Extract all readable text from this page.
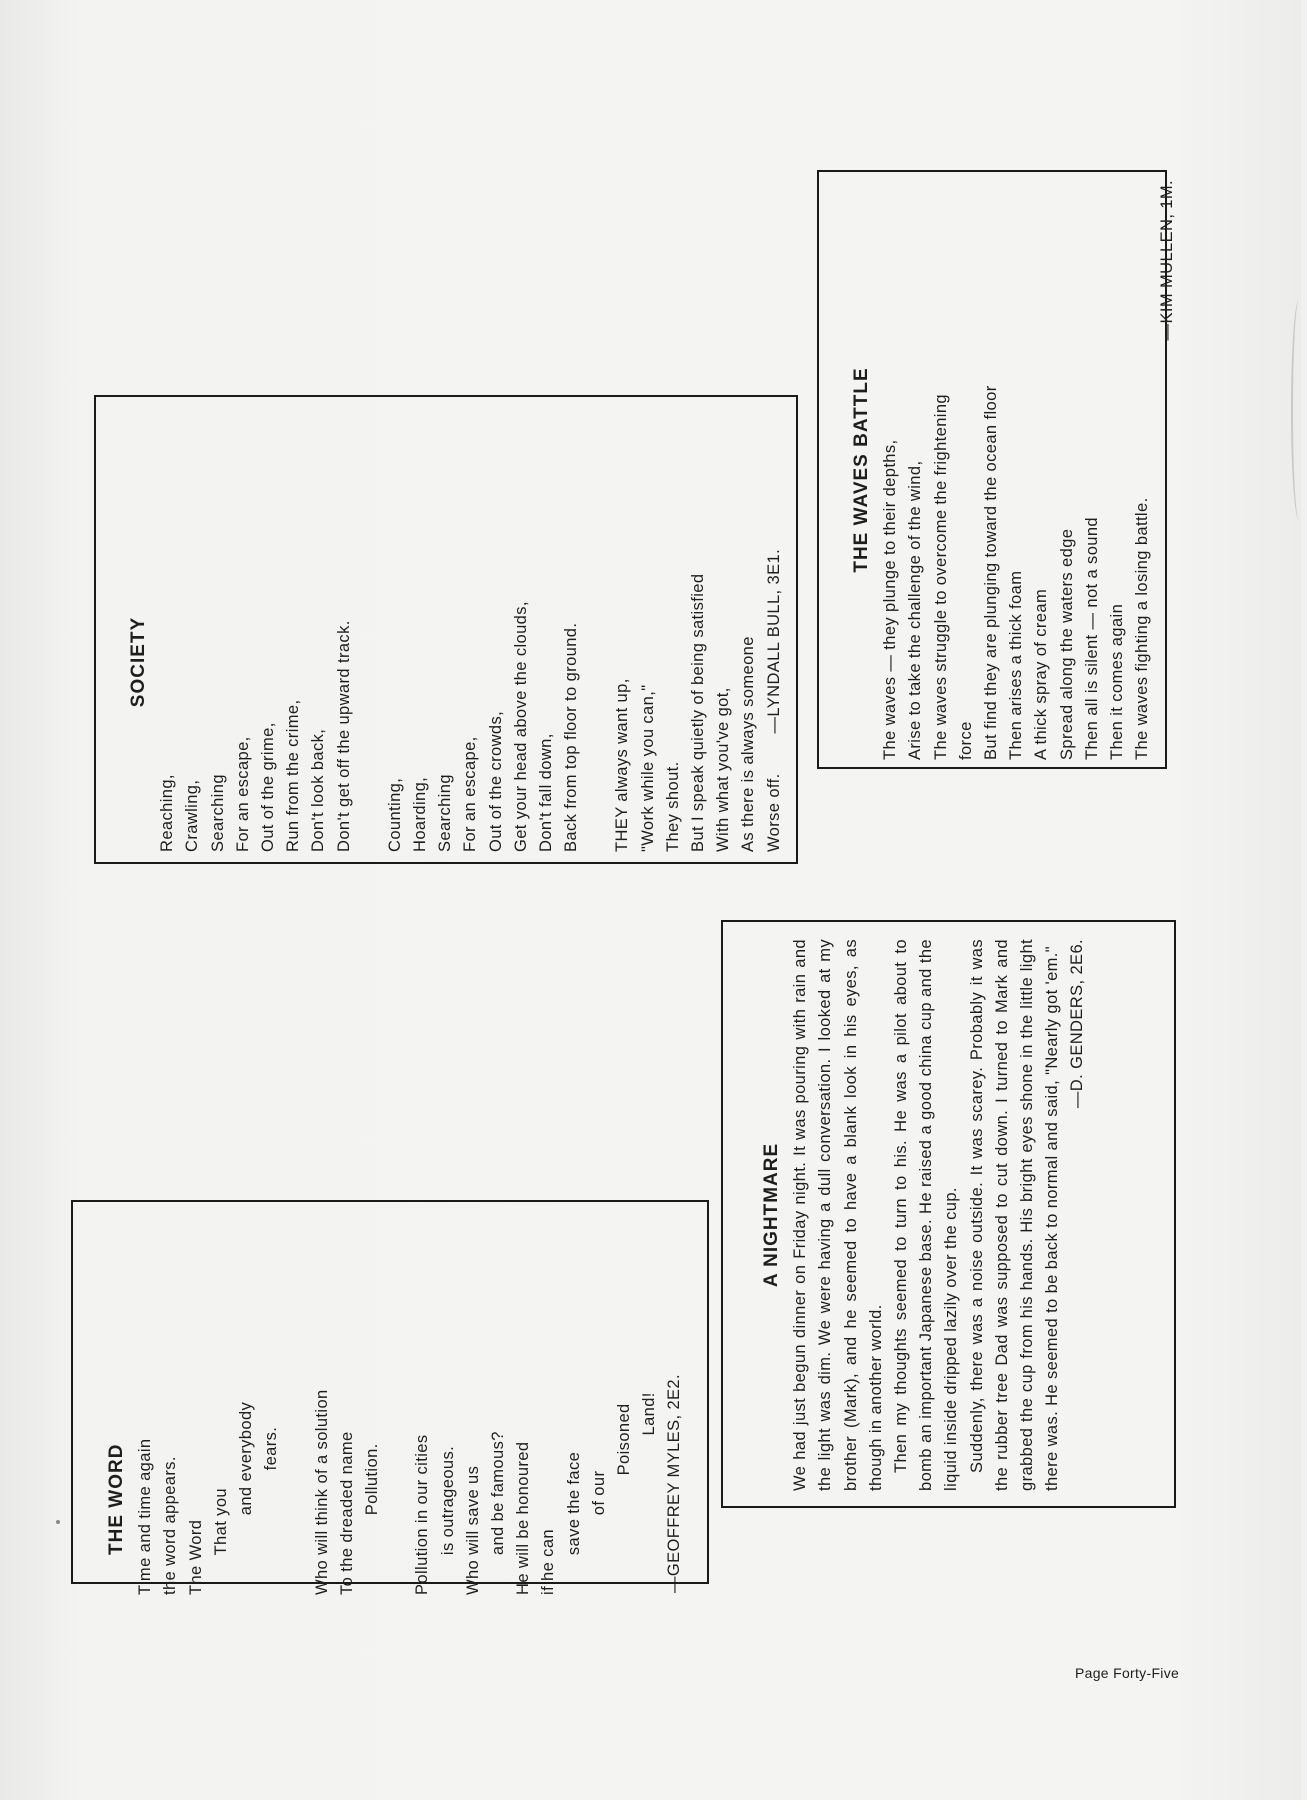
THE WORD Time and time again the word appears. The Word That you and everybody fears. Who will think of a solution To the dreaded name Pollution. Pollution in our cities is outrageous. Who will save us and be famous? He will be honoured if he can save the face of our Poisoned Land! —GEOFFREY MYLES, 2E2.
A NIGHTMARE We had just begun dinner on Friday night. It was pouring with rain and the light was dim. We were having a dull conversation. I looked at my brother (Mark), and he seemed to have a blank look in his eyes, as though in another world. Then my thoughts seemed to turn to his. He was a pilot about to bomb an important Japanese base. He raised a good china cup and the liquid inside dripped lazily over the cup. Suddenly, there was a noise outside. It was scarey. Probably it was the rubber tree Dad was supposed to cut down. I turned to Mark and grabbed the cup from his hands. His bright eyes shone in the little light there was. He seemed to be back to normal and said, "Nearly got 'em." —D. GENDERS, 2E6.
SOCIETY
Reaching, Crawling, Searching For an escape, Out of the grime, Run from the crime, Don't look back, Don't get off the upward track. Counting, Hoarding, Searching For an escape, Out of the crowds, Get your head above the clouds, Don't fall down, Back from top floor to ground. THEY always want up, "Work while you can," They shout. But I speak quietly of being satisfied With what you've got, As there is always someone Worse off.        —LYNDALL BULL, 3E1.
THE WAVES BATTLE The waves — they plunge to their depths, Arise to take the challenge of the wind, The waves struggle to overcome the frightening force But find they are plunging toward the ocean floor Then arises a thick foam A thick spray of cream Spread along the waters edge Then all is silent — not a sound Then it comes again The waves fighting a losing battle.
—KIM MULLEN, 1M.
Page Forty-Five
